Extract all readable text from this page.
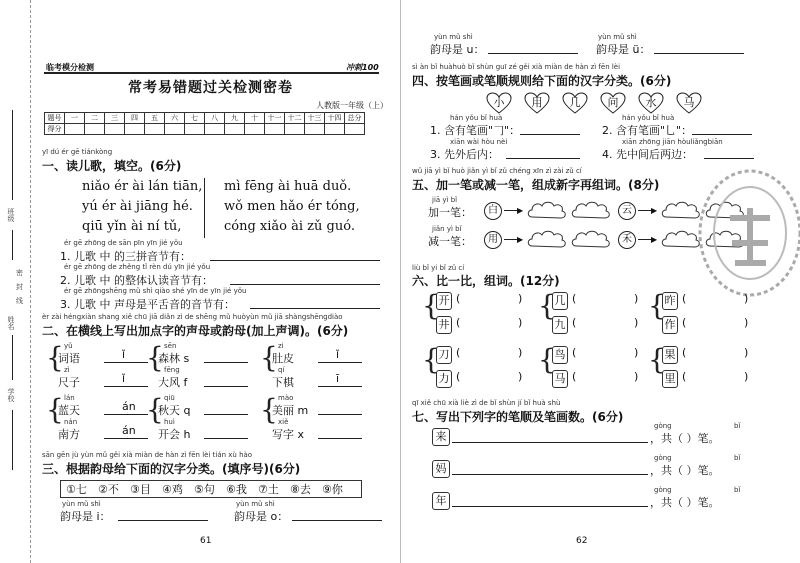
姓名
密
封
线
班级
学校
临考模分检测	冲刺100
常考易错题过关检测密卷
人教版一年级（上）
题号	一	二	三	四	五	六	七	八	九	十	十一	十二	十三	十四	总分
得分															
yī dú ér gē tiánkòng
一、读儿歌，填空。(6分)
niǎo ér ài lán tiān,
yú ér ài jiāng hé.
qiū yǐn ài ní tǔ,
mì fēng ài huā duǒ.
wǒ men hǎo ér tóng,
cóng xiǎo ài zǔ guó.
ér gē zhōng de sān pīn yīn jié yǒu
1. 儿歌 中 的三拼音节有：
ér gē zhōng de zhěng tǐ rèn dú yīn jié yǒu
2. 儿歌 中 的整体认读音节有：
ér gē zhōngshēng mǔ shì qiào shé yīn de yīn jié yǒu
3. 儿歌 中 声母是平舌音的音节有：
èr zài héngxiàn shang xiě chū jiā diǎn zì de shēng mǔ huòyùn mǔ jiā shàngshēngdiào
二、在横线上写出加点字的声母或韵母(加上声调)。(6分)
{ yǔ
词语	ǐ
zì
尺子	ǐ
{ sēn
森林 s
fēng
大风 f
{ zi
肚皮	ǐ
qí
下棋	ī
{ lán
蓝天	án
nán
南方	án
{ qiū
秋天 q
huì
开会 h
{ mào
美丽 m
xiě
写字 x
sān gēn jù yùn mǔ gěi xià miàn de hàn zì fēn lèi tián xù hào
三、根据韵母给下面的汉字分类。(填序号)(6分)
①七 ②不 ③目 ④鸡 ⑤句 ⑥我 ⑦土 ⑧去 ⑨你
yùn mǔ shì
韵母是 i：
yùn mǔ shì
韵母是 o：
61
yùn mǔ shì
韵母是 u：
yùn mǔ shì
韵母是 ü：
sì àn bǐ huàhuò bǐ shùn guī zé gěi xià miàn de hàn zì fēn lèi
四、按笔画或笔顺规则给下面的汉字分类。(6分)
小	用	几	问	水	马
hán yǒu bǐ huà
1. 含有笔画"𠃌"：
hán yǒu bǐ huà
2. 含有笔画"乚"：
xiān wài hòu nèi
3. 先外后内：
xiān zhōng jiān hòuliǎngbiān
4. 先中间后两边：
wǔ jiā yì bǐ huò jiǎn yì bǐ zǔ chéng xīn zì zài zǔ cí
五、加一笔或减一笔，组成新字再组词。(8分)
jiā yì bǐ
加一笔：
jiǎn yì bǐ
减一笔：
白	▶	云	▶
用	▶	禾	▶
liù bǐ yi bǐ zǔ cí
六、比一比，组词。(12分)
{
开 (	)
井 (	)
{
几 (	)
九 (	)
{
昨 (	)
作 (	)
{
刀 (	)
力 (	)
{
鸟 (	)
马 (	)
{
果 (	)
里 (	)
qī xiě chū xià liè zì de bǐ shùn jí bǐ huà shù
七、写出下列字的笔顺及笔画数。(6分)
来
gòng	bǐ
，共（ ）笔。
妈
gòng	bǐ
，共（ ）笔。
年
gòng	bǐ
，共（ ）笔。
62
